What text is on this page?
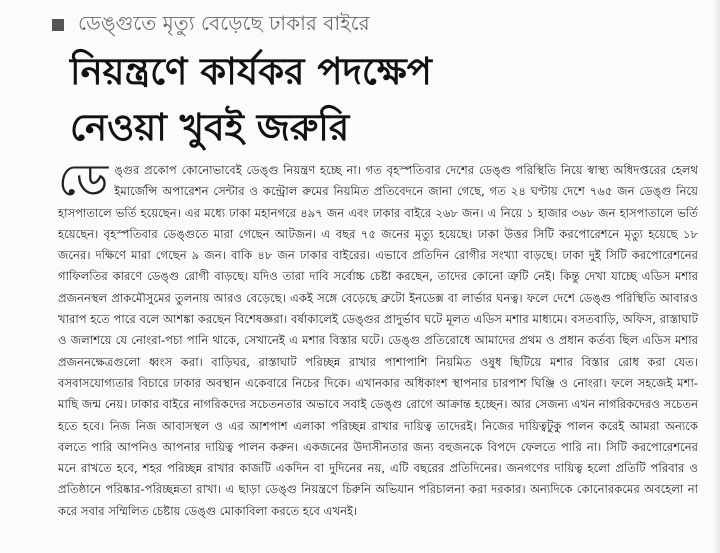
ডেঙ্গুতে মৃত্যু বেড়েছে ঢাকার বাইরে
নিয়ন্ত্রণে কার্যকর পদক্ষেপ
নেওয়া খুবই জরুরি
ডে ঙ্গুর প্রকোপ কোনোভাবেই ডেঙ্গু নিয়ন্ত্রণ হচ্ছে না। গত বৃহস্পতিবার দেশের ডেঙ্গু পরিস্থিতি নিয়ে স্বাস্থ্য অধিদপ্তরের হেলথ ইমার্জেন্সি অপারেশন সেন্টার ও কন্ট্রোল রুমের নিয়মিত প্রতিবেদনে জানা গেছে, গত ২৪ ঘণ্টায় দেশে ৭৬৫ জন ডেঙ্গু নিয়ে হাসপাতালে ভর্তি হয়েছেন। এর মধ্যে ঢাকা মহানগরে ৪৯৭ জন এবং ঢাকার বাইরে ২৬৮ জন। এ নিয়ে ১ হাজার ৩৬৮ জন হাসপাতালে ভর্তি হয়েছেন। বৃহস্পতিবার ডেঙ্গুতে মারা গেছেন আটজন। এ বছর ৭৫ জনের মৃত্যু হয়েছে। ঢাকা উত্তর সিটি করপোরেশনে মৃত্যু হয়েছে ১৮ জনের। দক্ষিণে মারা গেছেন ৯ জন। বাকি ৪৮ জন ঢাকার বাইরের। এভাবে প্রতিদিন রোগীর সংখ্যা বাড়ছে। ঢাকা দুই সিটি করপোরেশনের গাফিলতির কারণে ডেঙ্গু রোগী বাড়ছে। যদিও তারা দাবি সর্বোচ্চ চেষ্টা করছেন, তাদের কোনো ত্রুটি নেই। কিন্তু দেখা যাচ্ছে এডিস মশার প্রজননস্থল প্রাকমৌসুমের তুলনায় আরও বেড়েছে। একই সঙ্গে বেড়েছে ব্রুটো ইনডেক্স বা লার্ভার ঘনত্ব। ফলে দেশে ডেঙ্গু পরিস্থিতি আবারও খারাপ হতে পারে বলে আশঙ্কা করছেন বিশেষজ্ঞরা। বর্ষাকালেই ডেঙ্গুর প্রাদুর্ভাব ঘটে মূলত এডিস মশার মাধ্যমে। বসতবাড়ি, অফিস, রাস্তাঘাট ও জলাশয়ে যে নোংরা-পচা পানি থাকে, সেখানেই এ মশার বিস্তার ঘটে। ডেঙ্গু প্রতিরোধে আমাদের প্রথম ও প্রধান কর্তব্য ছিল এডিস মশার প্রজননক্ষেত্রগুলো ধ্বংস করা। বাড়িঘর, রাস্তাঘাট পরিচ্ছন্ন রাখার পাশাপাশি নিয়মিত ওষুধ ছিটিয়ে মশার বিস্তার রোধ করা যেত। বসবাসযোগ্যতার বিচারে ঢাকার অবস্থান একেবারে নিচের দিকে। এখানকার অধিকাংশ স্থাপনার চারপাশ ঘিঞ্জি ও নোংরা। ফলে সহজেই মশা-মাছি জন্ম নেয়। ঢাকার বাইরে নাগরিকদের সচেতনতার অভাবে সবাই ডেঙ্গু রোগে আক্রান্ত হচ্ছেন। আর সেজন্য এখন নাগরিকদেরও সচেতন হতে হবে। নিজ নিজ আবাসস্থল ও এর আশপাশ এলাকা পরিচ্ছন্ন রাখার দায়িত্ব তাদেরই। নিজের দায়িত্বটুকু পালন করেই আমরা অন্যকে বলতে পারি আপনিও আপনার দায়িত্ব পালন করুন। একজনের উদাসীনতার জন্য বহুজনকে বিপদে ফেলতে পারি না। সিটি করপোরেশনের মনে রাখতে হবে, শহর পরিচ্ছন্ন রাখার কাজটি একদিন বা দুদিনের নয়, এটি বছরের প্রতিদিনের। জনগণের দায়িত্ব হলো প্রতিটি পরিবার ও প্রতিষ্ঠানে পরিষ্কার-পরিচ্ছন্নতা রাখা। এ ছাড়া ডেঙ্গু নিয়ন্ত্রণে চিরুনি অভিযান পরিচালনা করা দরকার। অন্যদিকে কোনোরকমের অবহেলা না করে সবার সম্মিলিত চেষ্টায় ডেঙ্গু মোকাবিলা করতে হবে এখনই।
